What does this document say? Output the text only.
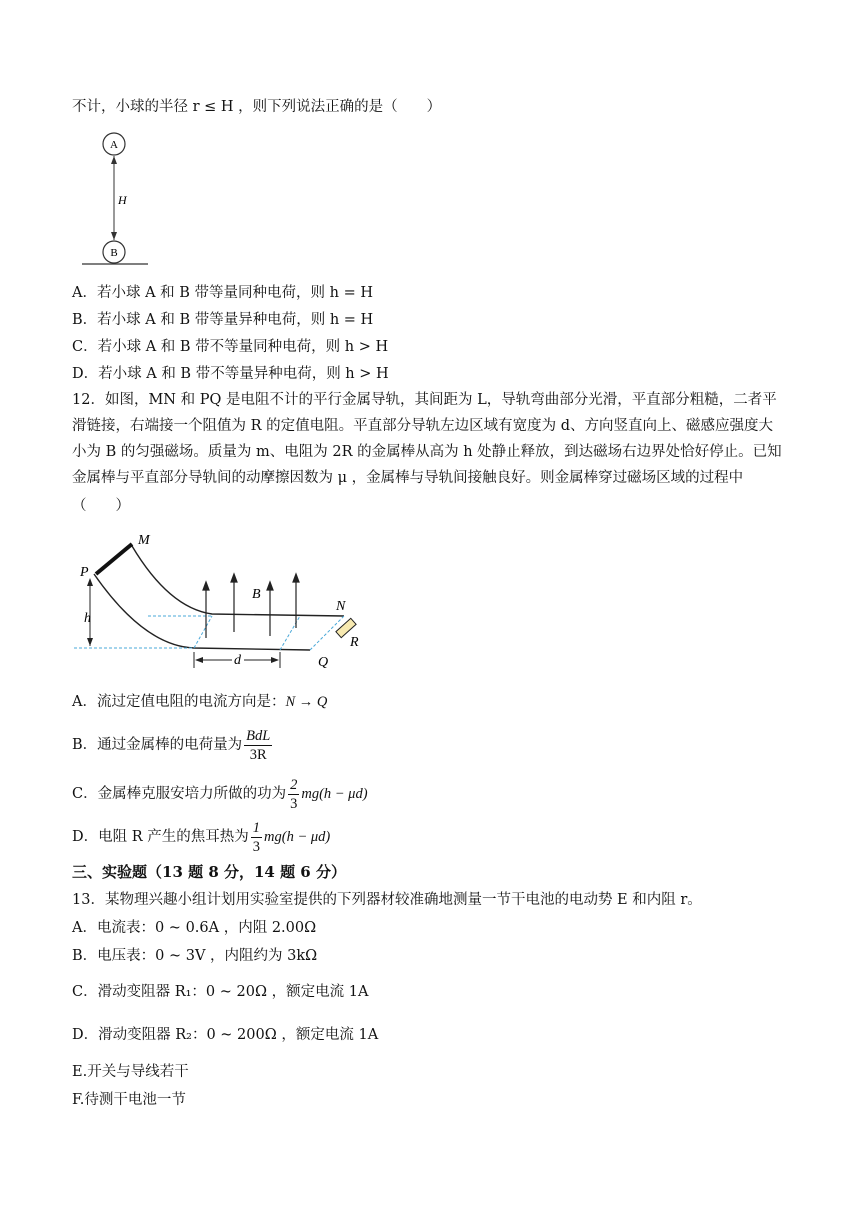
不计，小球的半径 r ≤ H ，则下列说法正确的是（　　）
A
H
B
A．若小球 A 和 B 带等量同种电荷，则 h = H
B．若小球 A 和 B 带等量异种电荷，则 h = H
C．若小球 A 和 B 带不等量同种电荷，则 h > H
D．若小球 A 和 B 带不等量异种电荷，则 h > H
12．如图，MN 和 PQ 是电阻不计的平行金属导轨，其间距为 L，导轨弯曲部分光滑，平直部分粗糙，二者平
滑链接，右端接一个阻值为 R 的定值电阻。平直部分导轨左边区域有宽度为 d、方向竖直向上、磁感应强度大
小为 B 的匀强磁场。质量为 m、电阻为 2R 的金属棒从高为 h 处静止释放，到达磁场右边界处恰好停止。已知
金属棒与平直部分导轨间的动摩擦因数为 μ ，金属棒与导轨间接触良好。则金属棒穿过磁场区域的过程中
（　　）
M
P
N
Q
B
R
h
d
A．流过定值电阻的电流方向是：N → Q
B．通过金属棒的电荷量为 $\frac{\text{BdL}}{3R}$
C．金属棒克服安培力所做的功为 $\frac{2}{3} mg(h - \mu d)$
D．电阻 R 产生的焦耳热为 $\frac{1}{3} mg(h - \mu d)$
三、实验题（13 题 8 分，14 题 6 分）
13．某物理兴趣小组计划用实验室提供的下列器材较准确地测量一节干电池的电动势 E 和内阻 r。
A．电流表：0 ~ 0.6A ，内阻 2.00Ω
B．电压表：0 ~ 3V ，内阻约为 3kΩ
C．滑动变阻器 R₁：0 ~ 20Ω ，额定电流 1A
D．滑动变阻器 R₂：0 ~ 200Ω ，额定电流 1A
E.开关与导线若干
F.待测干电池一节
